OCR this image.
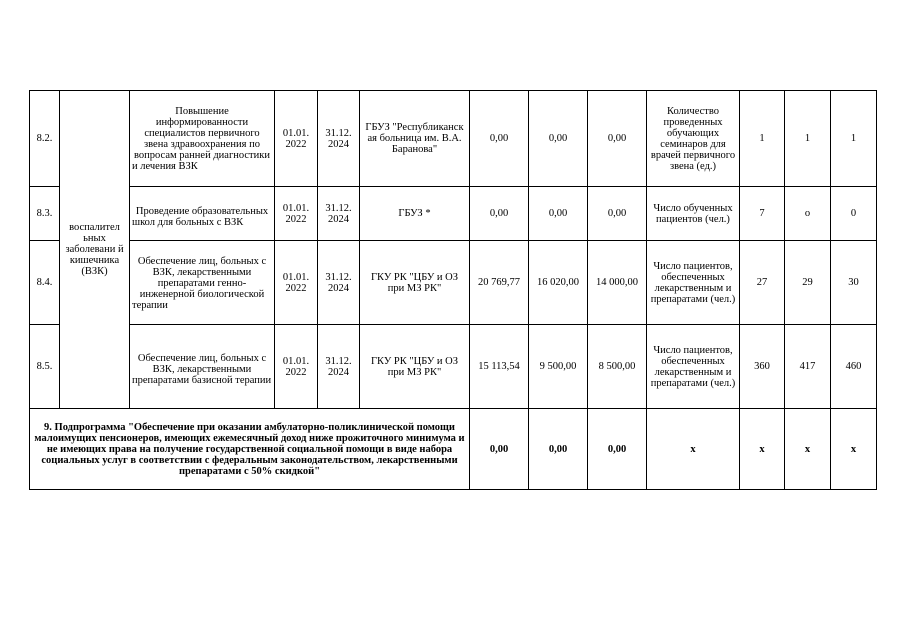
8.2.	воспалител ьных заболевани й кишечника (ВЗК)	Повышение информированности специалистов первичного звена здравоохранения по вопросам ранней диагностики и лечения ВЗК	01.01. 2022	31.12. 2024	ГБУЗ "Республиканск ая больница им. В.А. Баранова"	0,00	0,00	0,00	Количество проведенных обучающих семинаров для врачей первичного звена (ед.)	1	1	1
8.3.		Проведение образовательных школ для больных с ВЗК	01.01. 2022	31.12. 2024	ГБУЗ *	0,00	0,00	0,00	Число обученных пациентов (чел.)	7	o	0
8.4.		Обеспечение лиц, больных с ВЗК, лекарственными препаратами генно-инженерной биологической терапии	01.01. 2022	31.12. 2024	ГКУ РК "ЦБУ и ОЗ при МЗ РК"	20 769,77	16 020,00	14 000,00	Число пациентов, обеспеченных лекарственным и препаратами (чел.)	27	29	30
8.5.		Обеспечение лиц, больных с ВЗК, лекарственными препаратами базисной терапии	01.01. 2022	31.12. 2024	ГКУ РК "ЦБУ и ОЗ при МЗ РК"	15 113,54	9 500,00	8 500,00	Число пациентов, обеспеченных лекарственным и препаратами (чел.)	360	417	460
9. Подпрограмма "Обеспечение при оказании амбулаторно-поликлинической помощи малоимущих пенсионеров, имеющих ежемесячный доход ниже прожиточного минимума и не имеющих права на получение государственной социальной помощи в виде набора социальных услуг в соответствии с федеральным законодательством, лекарственными препаратами с 50% скидкой"						0,00	0,00	0,00	х	х	х	х
